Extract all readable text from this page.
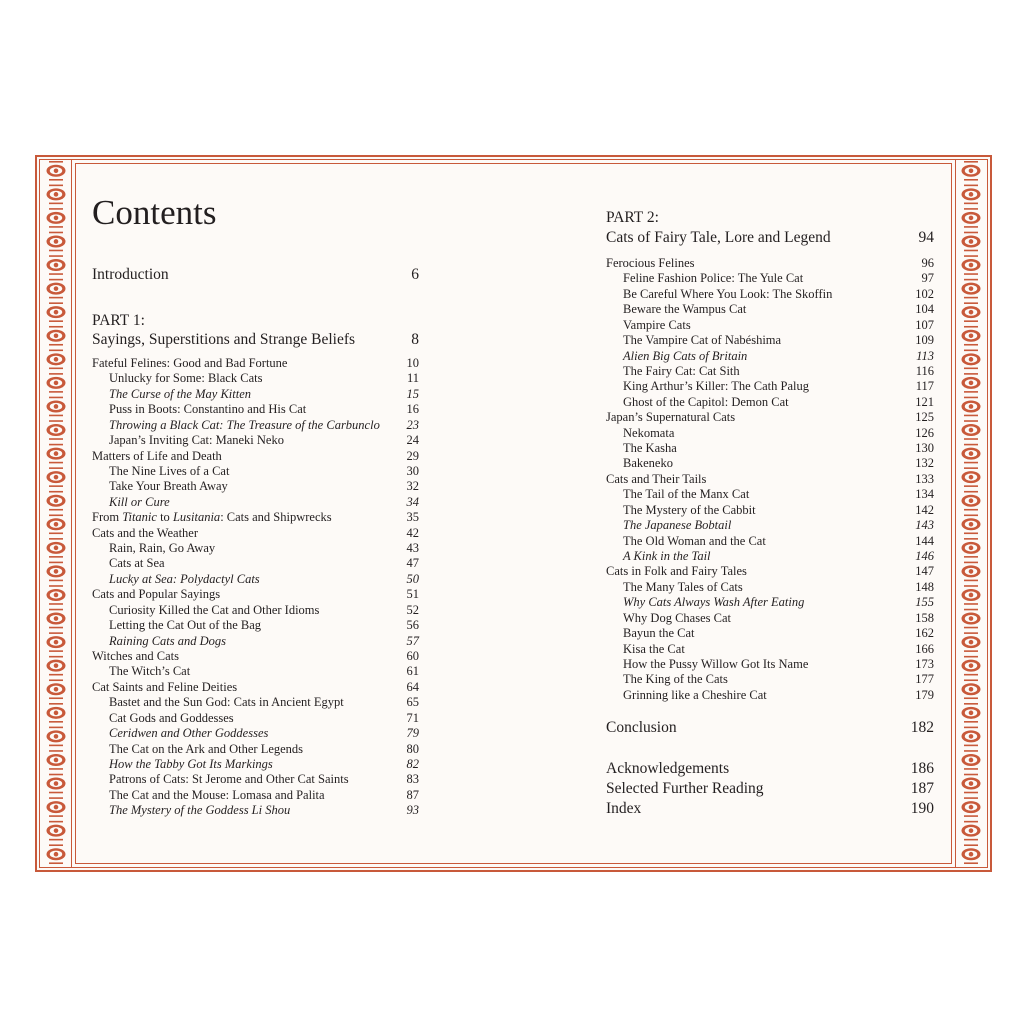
Contents
Introduction	6
PART 1:
Sayings, Superstitions and Strange Beliefs	8
Fateful Felines: Good and Bad Fortune	10
Unlucky for Some: Black Cats	11
The Curse of the May Kitten	15
Puss in Boots: Constantino and His Cat	16
Throwing a Black Cat: The Treasure of the Carbunclo 23
Japan’s Inviting Cat: Maneki Neko	24
Matters of Life and Death	29
The Nine Lives of a Cat	30
Take Your Breath Away	32
Kill or Cure	34
From Titanic to Lusitania: Cats and Shipwrecks	35
Cats and the Weather	42
Rain, Rain, Go Away	43
Cats at Sea	47
Lucky at Sea: Polydactyl Cats	50
Cats and Popular Sayings	51
Curiosity Killed the Cat and Other Idioms	52
Letting the Cat Out of the Bag	56
Raining Cats and Dogs	57
Witches and Cats	60
The Witch’s Cat	61
Cat Saints and Feline Deities	64
Bastet and the Sun God: Cats in Ancient Egypt	65
Cat Gods and Goddesses	71
Ceridwen and Other Goddesses	79
The Cat on the Ark and Other Legends	80
How the Tabby Got Its Markings	82
Patrons of Cats: St Jerome and Other Cat Saints	83
The Cat and the Mouse: Lomasa and Palita	87
The Mystery of the Goddess Li Shou	93
PART 2:
Cats of Fairy Tale, Lore and Legend	94
Ferocious Felines	96
Feline Fashion Police: The Yule Cat	97
Be Careful Where You Look: The Skoffin	102
Beware the Wampus Cat	104
Vampire Cats	107
The Vampire Cat of Nabéshima	109
Alien Big Cats of Britain	113
The Fairy Cat: Cat Sith	116
King Arthur’s Killer: The Cath Palug	117
Ghost of the Capitol: Demon Cat	121
Japan’s Supernatural Cats	125
Nekomata	126
The Kasha	130
Bakeneko	132
Cats and Their Tails	133
The Tail of the Manx Cat	134
The Mystery of the Cabbit	142
The Japanese Bobtail	143
The Old Woman and the Cat	144
A Kink in the Tail	146
Cats in Folk and Fairy Tales	147
The Many Tales of Cats	148
Why Cats Always Wash After Eating	155
Why Dog Chases Cat	158
Bayun the Cat	162
Kisa the Cat	166
How the Pussy Willow Got Its Name	173
The King of the Cats	177
Grinning like a Cheshire Cat	179
Conclusion	182
Acknowledgements	186
Selected Further Reading	187
Index	190
